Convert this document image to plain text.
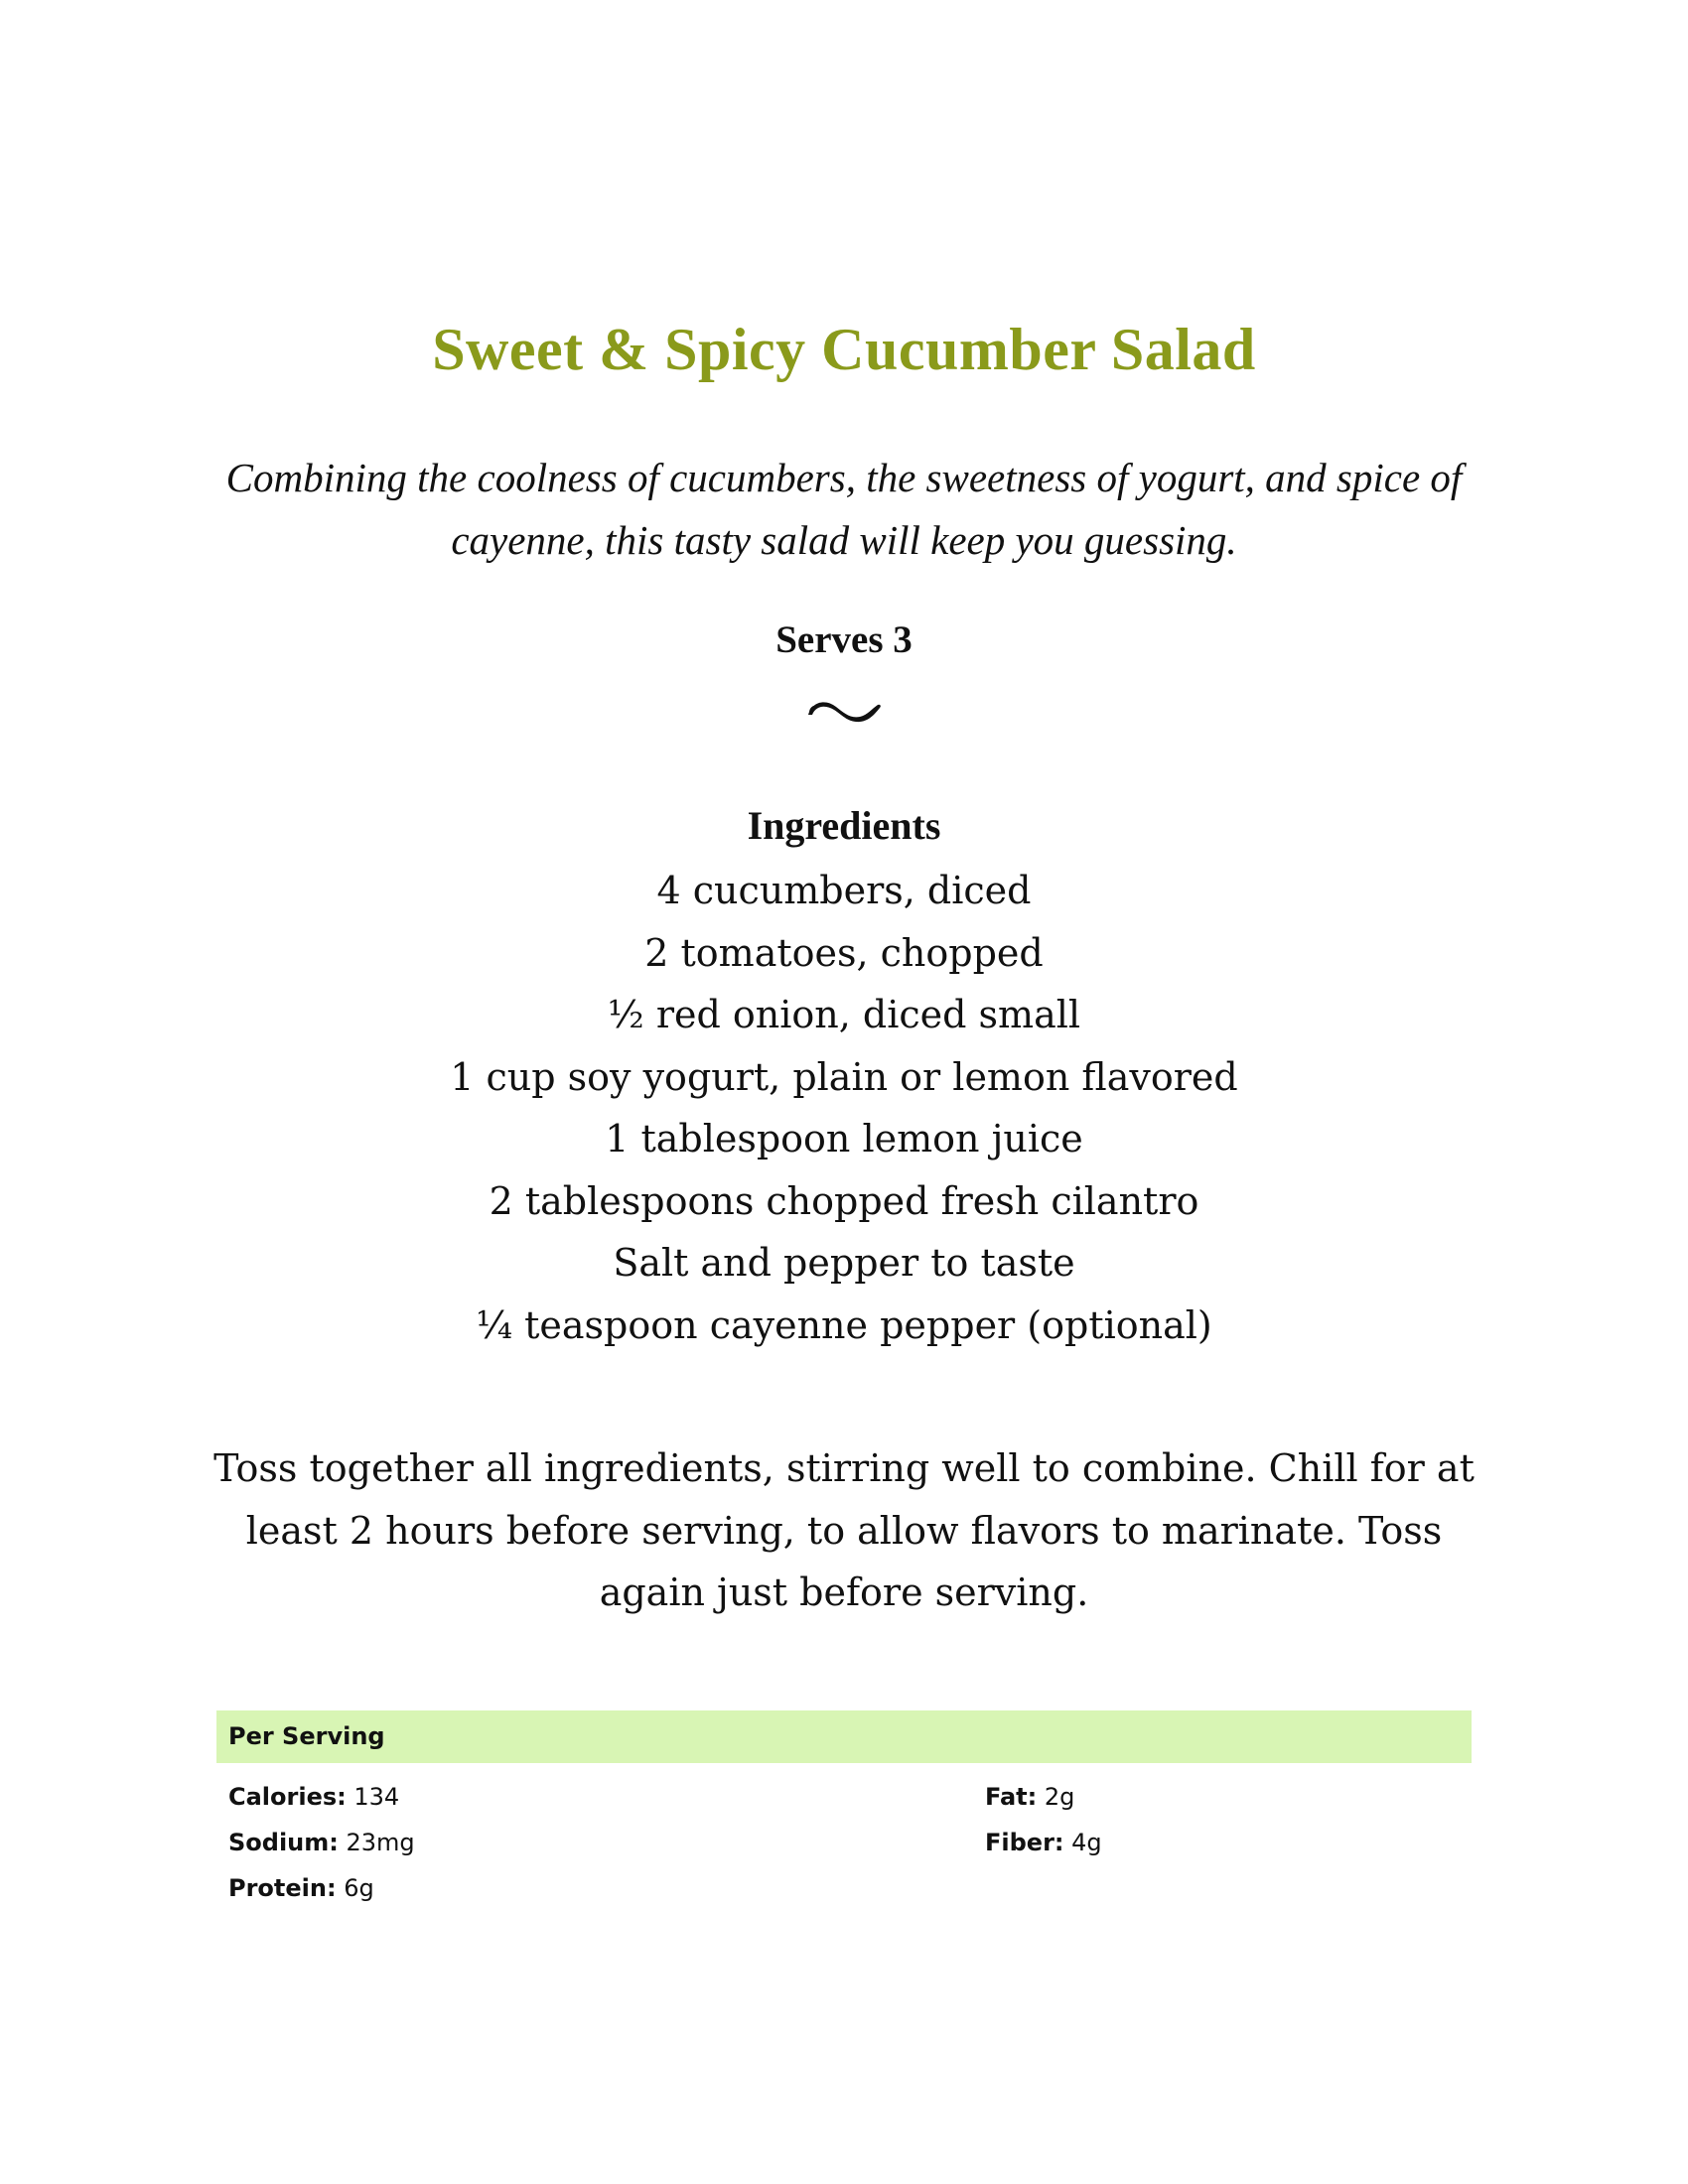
Sweet & Spicy Cucumber Salad
Combining the coolness of cucumbers, the sweetness of yogurt, and spice of cayenne, this tasty salad will keep you guessing.
Serves 3
Ingredients
4 cucumbers, diced
2 tomatoes, chopped
½ red onion, diced small
1 cup soy yogurt, plain or lemon flavored
1 tablespoon lemon juice
2 tablespoons chopped fresh cilantro
Salt and pepper to taste
¼ teaspoon cayenne pepper (optional)
Toss together all ingredients, stirring well to combine. Chill for at least 2 hours before serving, to allow flavors to marinate. Toss again just before serving.
Per Serving
Calories: 134	Fat: 2g
Sodium: 23mg	Fiber: 4g
Protein: 6g
